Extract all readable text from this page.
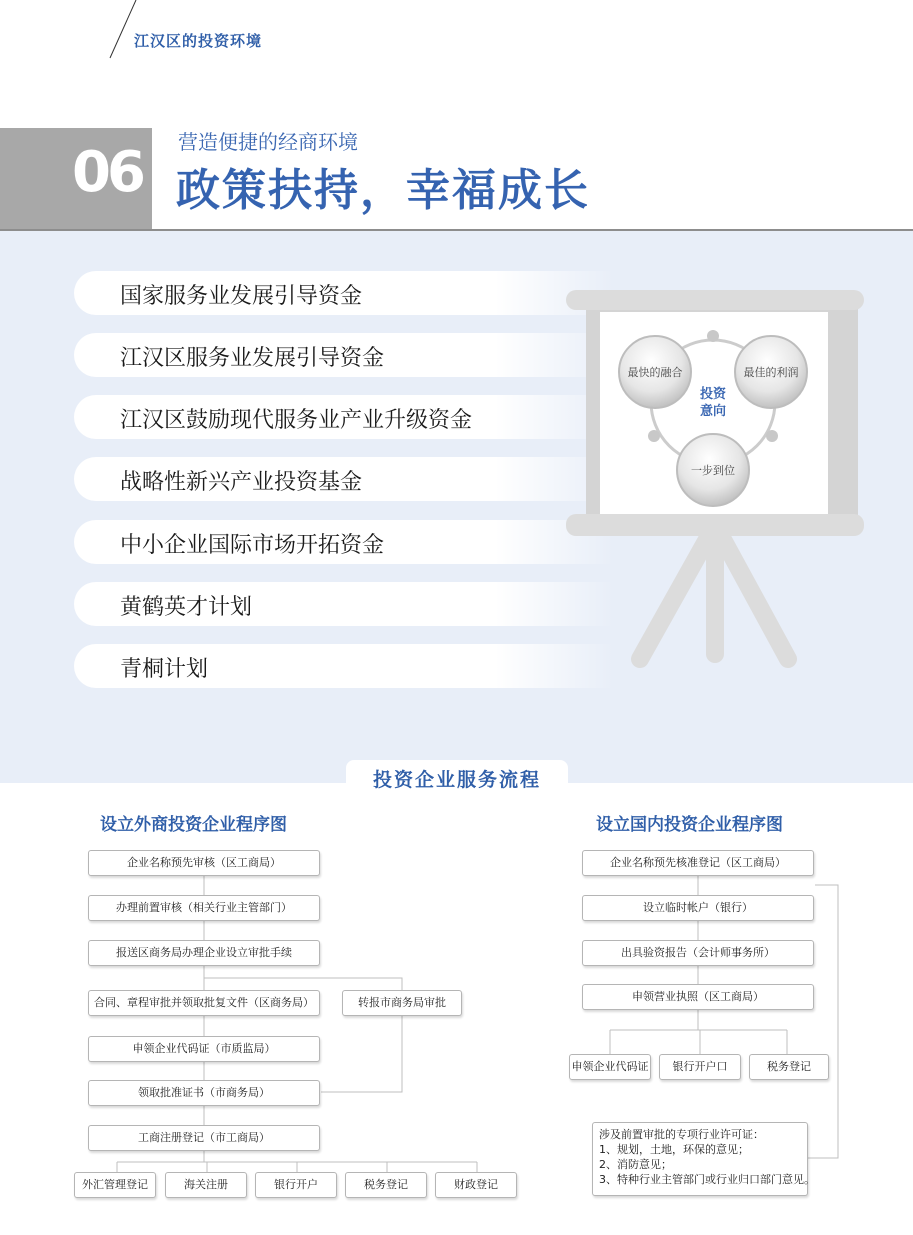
江汉区的投资环境
06 营造便捷的经商环境
政策扶持，幸福成长
国家服务业发展引导资金
江汉区服务业发展引导资金
江汉区鼓励现代服务业产业升级资金
战略性新兴产业投资基金
中小企业国际市场开拓资金
黄鹤英才计划
青桐计划
最快的融合	最佳的利润
一步到位
投资
意向
投资企业服务流程
设立外商投资企业程序图	设立国内投资企业程序图
企业名称预先审核（区工商局）
办理前置审核（相关行业主管部门）
报送区商务局办理企业设立审批手续
合同、章程审批并领取批复文件（区商务局）	转报市商务局审批
申领企业代码证（市质监局）
领取批准证书（市商务局）
工商注册登记（市工商局）
外汇管理登记	海关注册	银行开户	税务登记	财政登记
企业名称预先核准登记（区工商局）
设立临时帐户（银行）
出具验资报告（会计师事务所）
申领营业执照（区工商局）
申领企业代码证	银行开户口	税务登记
涉及前置审批的专项行业许可证：
1、规划，土地，环保的意见；
2、消防意见；
3、特种行业主管部门或行业归口部门意见。
